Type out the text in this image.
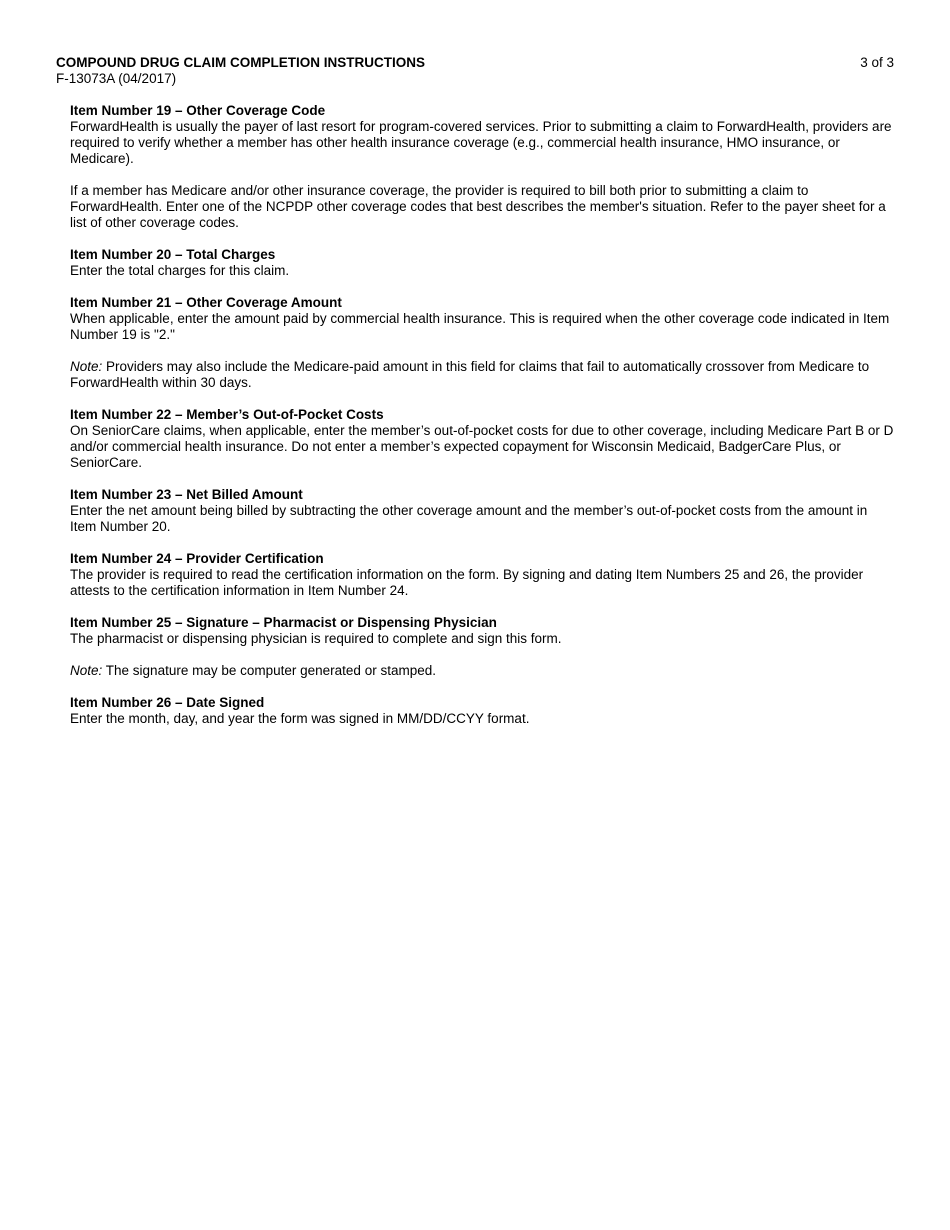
COMPOUND DRUG CLAIM COMPLETION INSTRUCTIONS	3 of 3
F-13073A (04/2017)
Item Number 19 – Other Coverage Code

ForwardHealth is usually the payer of last resort for program-covered services. Prior to submitting a claim to ForwardHealth, providers are required to verify whether a member has other health insurance coverage (e.g., commercial health insurance, HMO insurance, or Medicare).

If a member has Medicare and/or other insurance coverage, the provider is required to bill both prior to submitting a claim to ForwardHealth. Enter one of the NCPDP other coverage codes that best describes the member's situation. Refer to the payer sheet for a list of other coverage codes.

Item Number 20 – Total Charges

Enter the total charges for this claim.

Item Number 21 – Other Coverage Amount

When applicable, enter the amount paid by commercial health insurance. This is required when the other coverage code indicated in Item Number 19 is "2."

Note: Providers may also include the Medicare-paid amount in this field for claims that fail to automatically crossover from Medicare to ForwardHealth within 30 days.

Item Number 22 – Member’s Out-of-Pocket Costs

On SeniorCare claims, when applicable, enter the member’s out-of-pocket costs for due to other coverage, including Medicare Part B or D and/or commercial health insurance. Do not enter a member’s expected copayment for Wisconsin Medicaid, BadgerCare Plus, or SeniorCare.

Item Number 23 – Net Billed Amount

Enter the net amount being billed by subtracting the other coverage amount and the member’s out-of-pocket costs from the amount in Item Number 20.

Item Number 24 – Provider Certification

The provider is required to read the certification information on the form. By signing and dating Item Numbers 25 and 26, the provider attests to the certification information in Item Number 24.

Item Number 25 – Signature – Pharmacist or Dispensing Physician

The pharmacist or dispensing physician is required to complete and sign this form.

Note: The signature may be computer generated or stamped.

Item Number 26 – Date Signed

Enter the month, day, and year the form was signed in MM/DD/CCYY format.
